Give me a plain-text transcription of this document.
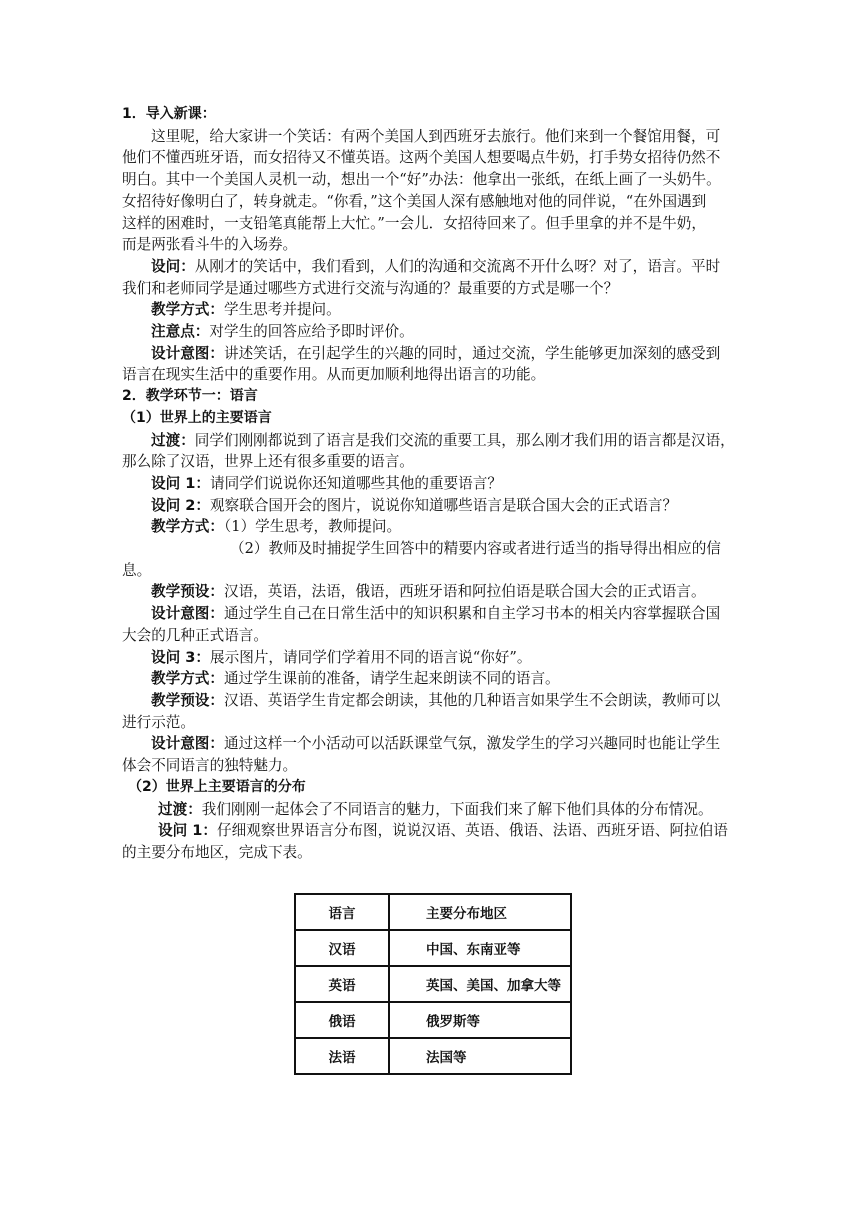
1．导入新课：
这里呢，给大家讲一个笑话：有两个美国人到西班牙去旅行。他们来到一个餐馆用餐，可
他们不懂西班牙语，而女招待又不懂英语。这两个美国人想要喝点牛奶，打手势女招待仍然不
明白。其中一个美国人灵机一动，想出一个“好”办法：他拿出一张纸，在纸上画了一头奶牛。
女招待好像明白了，转身就走。“你看，”这个美国人深有感触地对他的同伴说，“在外国遇到
这样的困难时，一支铅笔真能帮上大忙。”一会儿．女招待回来了。但手里拿的并不是牛奶，
而是两张看斗牛的入场券。
设问：从刚才的笑话中，我们看到，人们的沟通和交流离不开什么呀？对了，语言。平时
我们和老师同学是通过哪些方式进行交流与沟通的？最重要的方式是哪一个？
教学方式：学生思考并提问。
注意点：对学生的回答应给予即时评价。
设计意图：讲述笑话，在引起学生的兴趣的同时，通过交流，学生能够更加深刻的感受到
语言在现实生活中的重要作用。从而更加顺利地得出语言的功能。
2．教学环节一：语言
（1）世界上的主要语言
过渡：同学们刚刚都说到了语言是我们交流的重要工具，那么刚才我们用的语言都是汉语，
那么除了汉语，世界上还有很多重要的语言。
设问 1：请同学们说说你还知道哪些其他的重要语言？
设问 2：观察联合国开会的图片，说说你知道哪些语言是联合国大会的正式语言？
教学方式：（1）学生思考，教师提问。
（2）教师及时捕捉学生回答中的精要内容或者进行适当的指导得出相应的信
息。
教学预设：汉语，英语，法语，俄语，西班牙语和阿拉伯语是联合国大会的正式语言。
设计意图：通过学生自己在日常生活中的知识积累和自主学习书本的相关内容掌握联合国
大会的几种正式语言。
设问 3：展示图片，请同学们学着用不同的语言说“你好”。
教学方式：通过学生课前的准备，请学生起来朗读不同的语言。
教学预设：汉语、英语学生肯定都会朗读，其他的几种语言如果学生不会朗读，教师可以
进行示范。
设计意图：通过这样一个小活动可以活跃课堂气氛，激发学生的学习兴趣同时也能让学生
体会不同语言的独特魅力。
（2）世界上主要语言的分布
过渡：我们刚刚一起体会了不同语言的魅力，下面我们来了解下他们具体的分布情况。
设问 1：仔细观察世界语言分布图，说说汉语、英语、俄语、法语、西班牙语、阿拉伯语
的主要分布地区，完成下表。
语言	主要分布地区
汉语	中国、东南亚等
英语	英国、美国、加拿大等
俄语	俄罗斯等
法语	法国等
